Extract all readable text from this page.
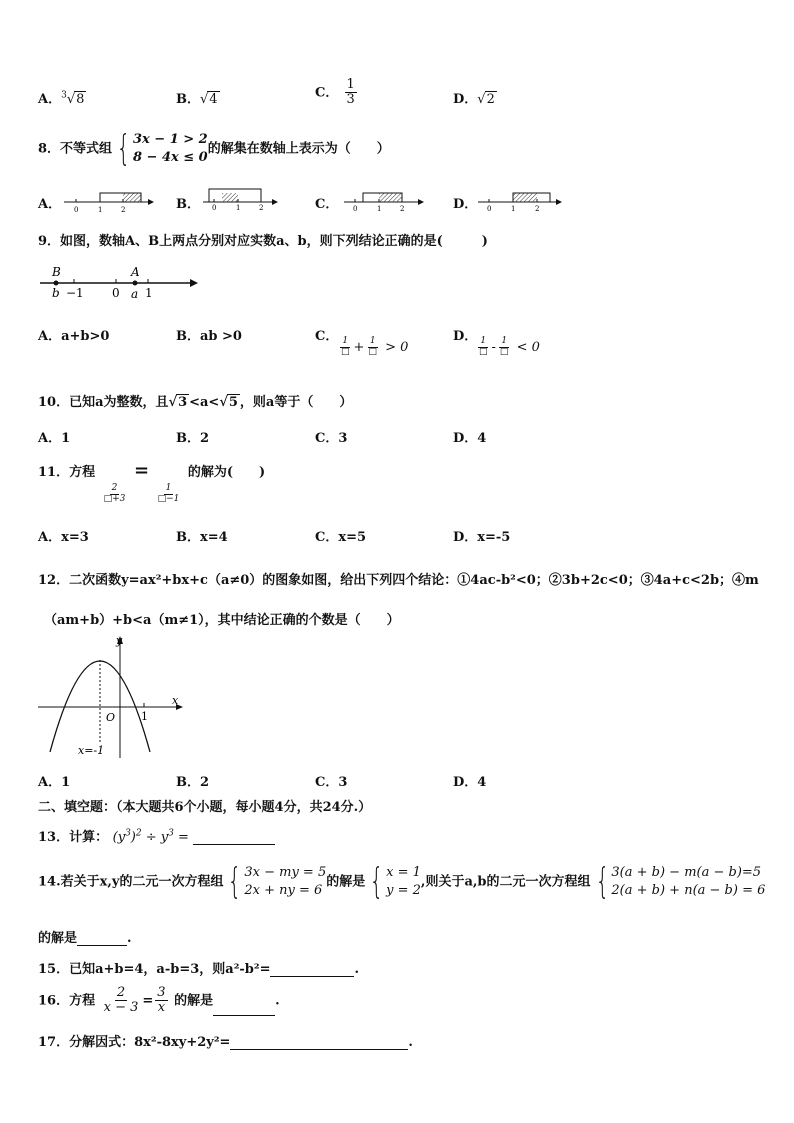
A．$^3$√8	B．√4	C． $\frac{1}{3}$	D．√2
8．不等式组 { 3x − 1 > 2
8 − 4x ≤ 0
的解集在数轴上表示为（　　）
A．	B．	C．	D．
0	1	2	0	1	2	0	1	2	0	1	2
9．如图，数轴A、B上两点分别对应实数a、b，则下列结论正确的是(　　　)
B	A
b −1 0 a 1
A．a+b>0	B．ab >0	C．
$\frac{1}{□} + \frac{1}{□} > 0$
D．
$\frac{1}{□} - \frac{1}{□} < 0$
10．已知a为整数，且√3 <a<√5 ，则a等于（　　）
A．1	B．2	C．3	D．4
11．方程
$\frac{2}{□+3}$
=
$\frac{1}{□-1}$
的解为(　　)
A．x=3	B．x=4	C．x=5	D．x=-5
12．二次函数y=ax²+bx+c（a≠0）的图象如图，给出下列四个结论：①4ac-b²<0；②3b+2c<0；③4a+c<2b；④m
（am+b）+b<a（m≠1），其中结论正确的个数是（　　）
y
x
O 1
x=-1
A．1	B．2	C．3	D．4
二、填空题：（本大题共6个小题，每小题4分，共24分.）
13．计算： $(y^3)^2 \div y^3$ =
14.若关于x,y的二元一次方程组 { 3x − my = 5
2x + ny = 6
的解是 { x = 1
y = 2
,则关于a,b的二元一次方程组 { 3(a + b) − m(a − b)=5
2(a + b) + n(a − b) = 6
的解是	.
15．已知a+b=4，a-b=3，则a²-b²=	.
16．方程 $\frac{2}{x - 3} = \frac{3}{x}$ 的解是	.
17．分解因式：8x²-8xy+2y²=	.
